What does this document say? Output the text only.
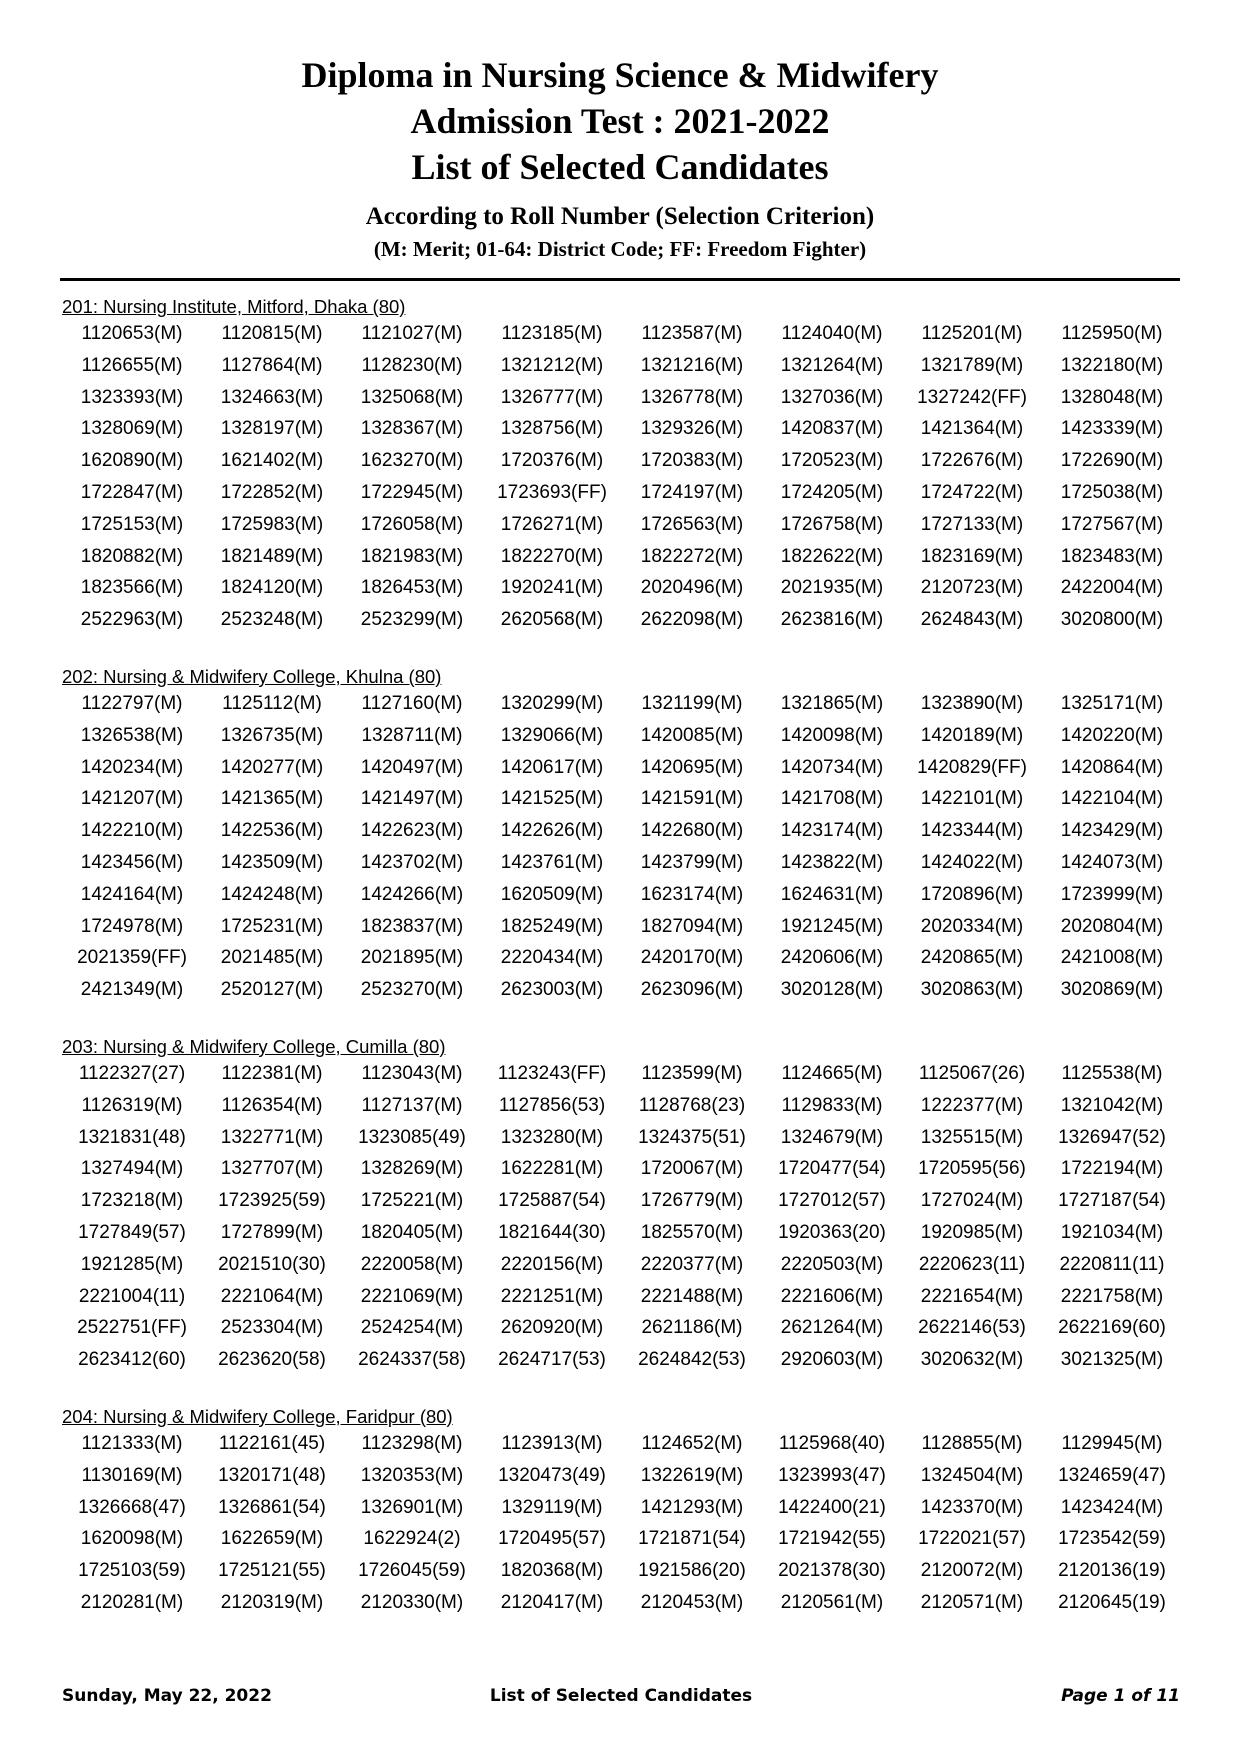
Diploma in Nursing Science & Midwifery
Admission Test : 2021-2022
List of Selected Candidates
According to Roll Number (Selection Criterion)
(M: Merit; 01-64: District Code; FF: Freedom Fighter)
201: Nursing Institute, Mitford, Dhaka (80)
1120653(M)	1120815(M)	1121027(M)	1123185(M)	1123587(M)	1124040(M)	1125201(M)	1125950(M)
1126655(M)	1127864(M)	1128230(M)	1321212(M)	1321216(M)	1321264(M)	1321789(M)	1322180(M)
1323393(M)	1324663(M)	1325068(M)	1326777(M)	1326778(M)	1327036(M)	1327242(FF)	1328048(M)
1328069(M)	1328197(M)	1328367(M)	1328756(M)	1329326(M)	1420837(M)	1421364(M)	1423339(M)
1620890(M)	1621402(M)	1623270(M)	1720376(M)	1720383(M)	1720523(M)	1722676(M)	1722690(M)
1722847(M)	1722852(M)	1722945(M)	1723693(FF)	1724197(M)	1724205(M)	1724722(M)	1725038(M)
1725153(M)	1725983(M)	1726058(M)	1726271(M)	1726563(M)	1726758(M)	1727133(M)	1727567(M)
1820882(M)	1821489(M)	1821983(M)	1822270(M)	1822272(M)	1822622(M)	1823169(M)	1823483(M)
1823566(M)	1824120(M)	1826453(M)	1920241(M)	2020496(M)	2021935(M)	2120723(M)	2422004(M)
2522963(M)	2523248(M)	2523299(M)	2620568(M)	2622098(M)	2623816(M)	2624843(M)	3020800(M)
202: Nursing & Midwifery College, Khulna (80)
1122797(M)	1125112(M)	1127160(M)	1320299(M)	1321199(M)	1321865(M)	1323890(M)	1325171(M)
1326538(M)	1326735(M)	1328711(M)	1329066(M)	1420085(M)	1420098(M)	1420189(M)	1420220(M)
1420234(M)	1420277(M)	1420497(M)	1420617(M)	1420695(M)	1420734(M)	1420829(FF)	1420864(M)
1421207(M)	1421365(M)	1421497(M)	1421525(M)	1421591(M)	1421708(M)	1422101(M)	1422104(M)
1422210(M)	1422536(M)	1422623(M)	1422626(M)	1422680(M)	1423174(M)	1423344(M)	1423429(M)
1423456(M)	1423509(M)	1423702(M)	1423761(M)	1423799(M)	1423822(M)	1424022(M)	1424073(M)
1424164(M)	1424248(M)	1424266(M)	1620509(M)	1623174(M)	1624631(M)	1720896(M)	1723999(M)
1724978(M)	1725231(M)	1823837(M)	1825249(M)	1827094(M)	1921245(M)	2020334(M)	2020804(M)
2021359(FF)	2021485(M)	2021895(M)	2220434(M)	2420170(M)	2420606(M)	2420865(M)	2421008(M)
2421349(M)	2520127(M)	2523270(M)	2623003(M)	2623096(M)	3020128(M)	3020863(M)	3020869(M)
203: Nursing & Midwifery College, Cumilla (80)
1122327(27)	1122381(M)	1123043(M)	1123243(FF)	1123599(M)	1124665(M)	1125067(26)	1125538(M)
1126319(M)	1126354(M)	1127137(M)	1127856(53)	1128768(23)	1129833(M)	1222377(M)	1321042(M)
1321831(48)	1322771(M)	1323085(49)	1323280(M)	1324375(51)	1324679(M)	1325515(M)	1326947(52)
1327494(M)	1327707(M)	1328269(M)	1622281(M)	1720067(M)	1720477(54)	1720595(56)	1722194(M)
1723218(M)	1723925(59)	1725221(M)	1725887(54)	1726779(M)	1727012(57)	1727024(M)	1727187(54)
1727849(57)	1727899(M)	1820405(M)	1821644(30)	1825570(M)	1920363(20)	1920985(M)	1921034(M)
1921285(M)	2021510(30)	2220058(M)	2220156(M)	2220377(M)	2220503(M)	2220623(11)	2220811(11)
2221004(11)	2221064(M)	2221069(M)	2221251(M)	2221488(M)	2221606(M)	2221654(M)	2221758(M)
2522751(FF)	2523304(M)	2524254(M)	2620920(M)	2621186(M)	2621264(M)	2622146(53)	2622169(60)
2623412(60)	2623620(58)	2624337(58)	2624717(53)	2624842(53)	2920603(M)	3020632(M)	3021325(M)
204: Nursing & Midwifery College, Faridpur (80)
1121333(M)	1122161(45)	1123298(M)	1123913(M)	1124652(M)	1125968(40)	1128855(M)	1129945(M)
1130169(M)	1320171(48)	1320353(M)	1320473(49)	1322619(M)	1323993(47)	1324504(M)	1324659(47)
1326668(47)	1326861(54)	1326901(M)	1329119(M)	1421293(M)	1422400(21)	1423370(M)	1423424(M)
1620098(M)	1622659(M)	1622924(2)	1720495(57)	1721871(54)	1721942(55)	1722021(57)	1723542(59)
1725103(59)	1725121(55)	1726045(59)	1820368(M)	1921586(20)	2021378(30)	2120072(M)	2120136(19)
2120281(M)	2120319(M)	2120330(M)	2120417(M)	2120453(M)	2120561(M)	2120571(M)	2120645(19)
Sunday, May 22, 2022	List of Selected Candidates	Page 1 of 11
